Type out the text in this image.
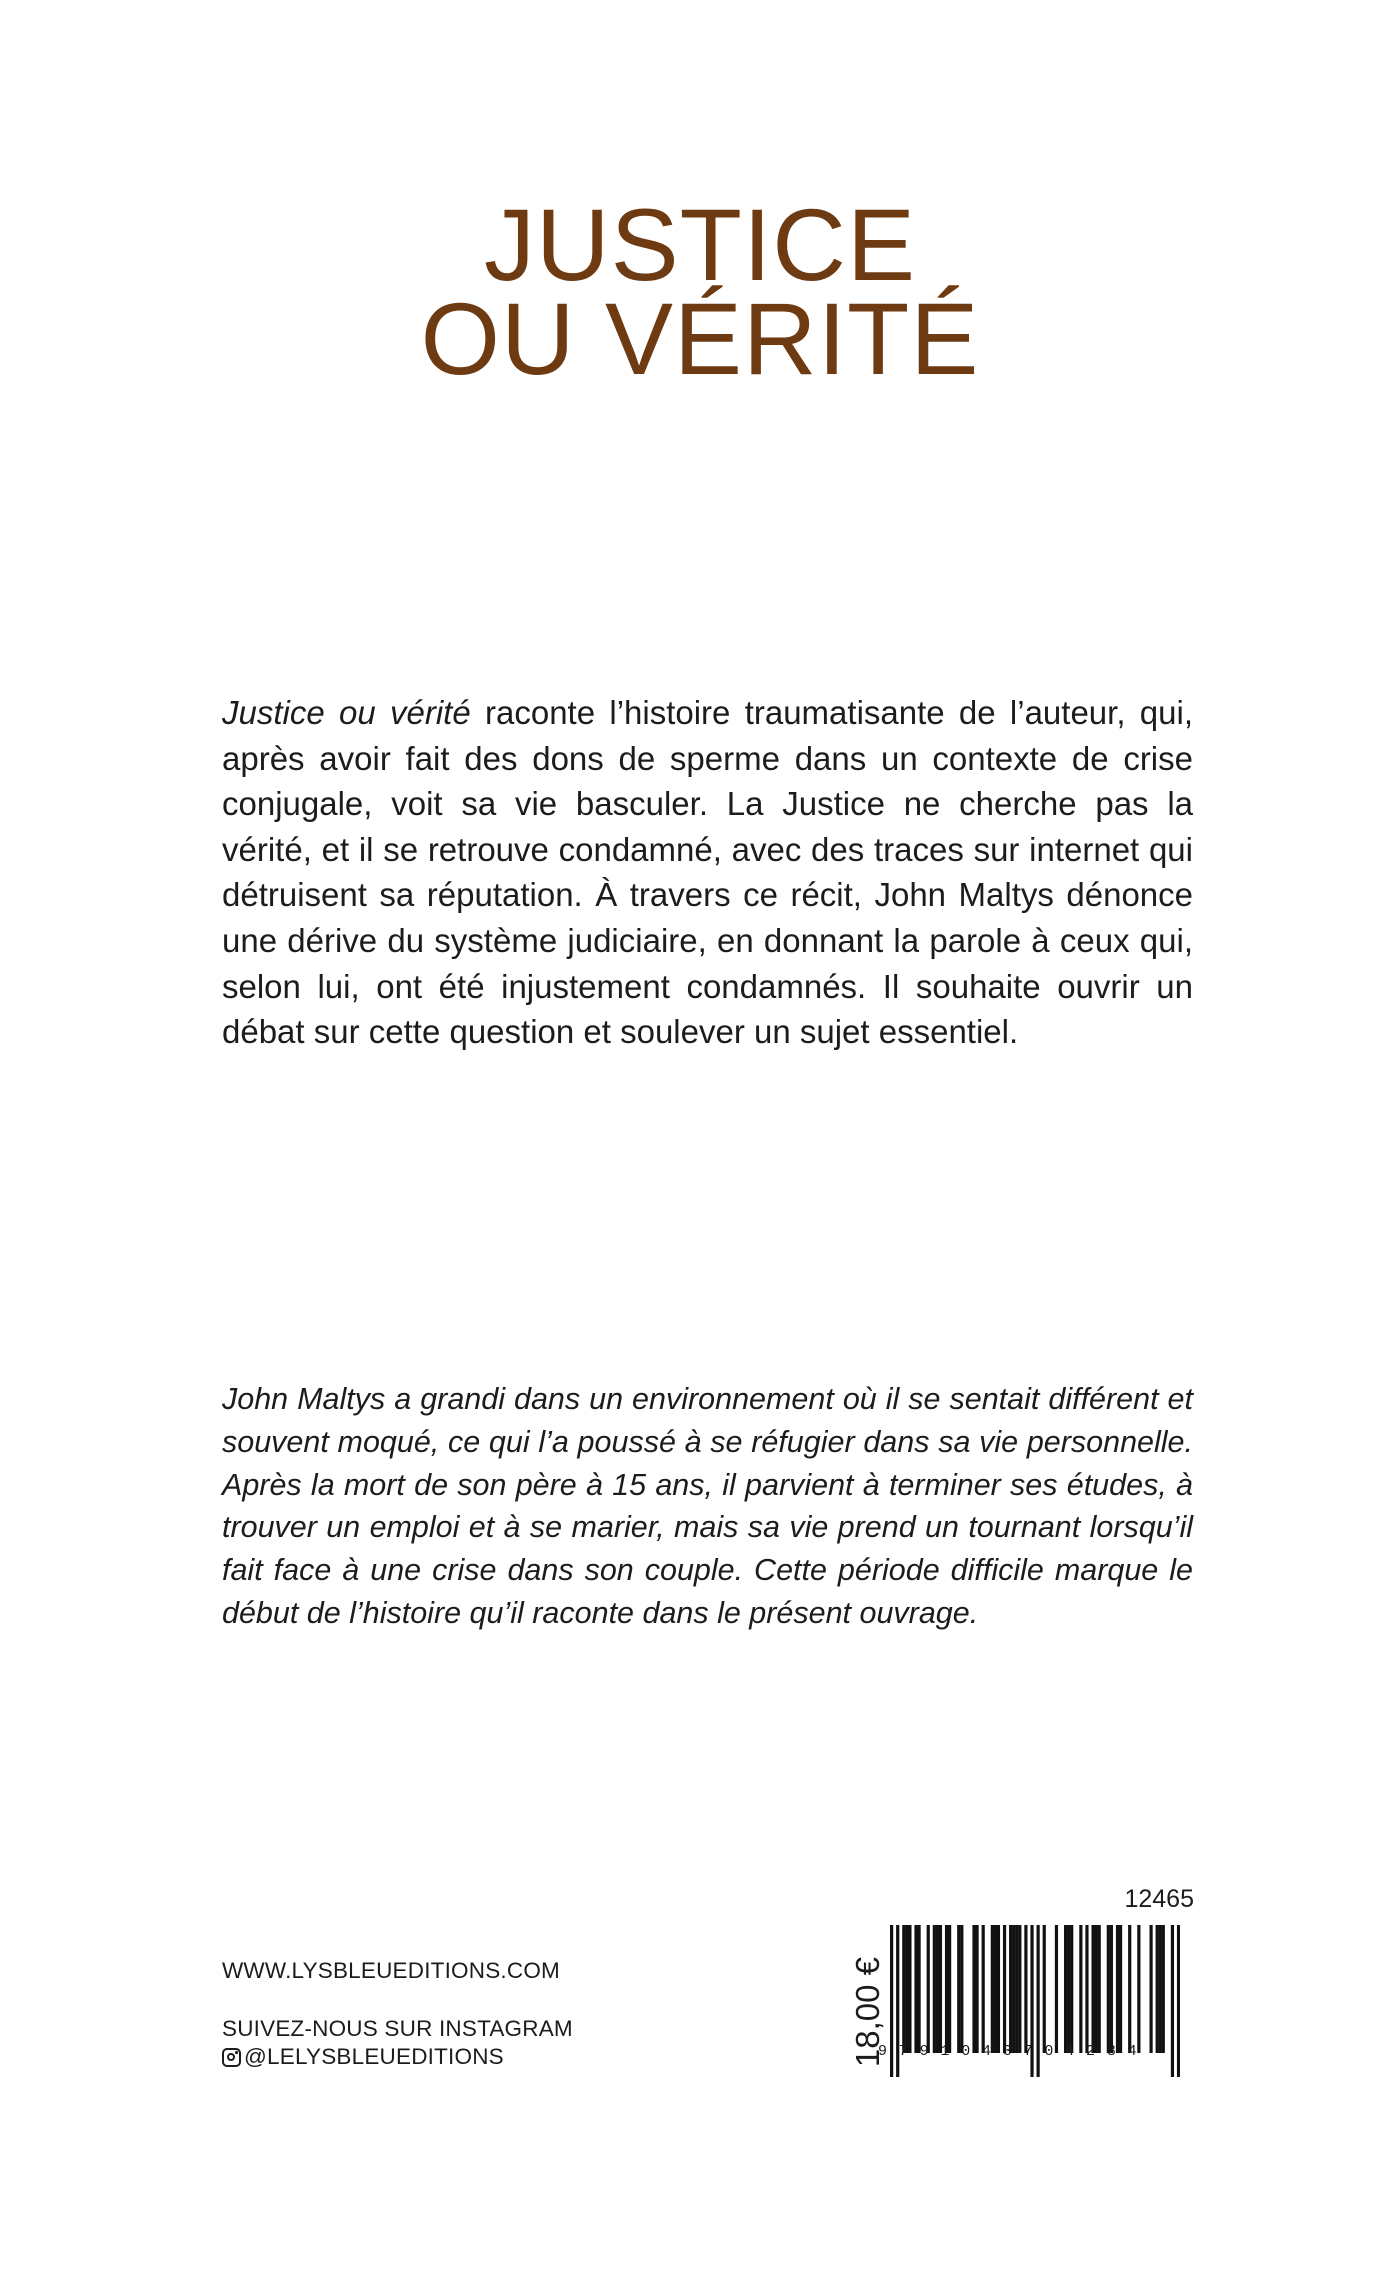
JUSTICE
OU VÉRITÉ
Justice ou vérité raconte l’histoire traumatisante de l’auteur, qui, après avoir fait des dons de sperme dans un contexte de crise conjugale, voit sa vie basculer. La Justice ne cherche pas la vérité, et il se retrouve condamné, avec des traces sur internet qui détruisent sa réputation. À travers ce récit, John Maltys dénonce une dérive du système judiciaire, en donnant la parole à ceux qui, selon lui, ont été injustement condamnés. Il souhaite ouvrir un débat sur cette question et soulever un sujet essentiel.
John Maltys a grandi dans un environnement où il se sentait différent et souvent moqué, ce qui l’a poussé à se réfugier dans sa vie personnelle. Après la mort de son père à 15 ans, il parvient à terminer ses études, à trouver un emploi et à se marier, mais sa vie prend un tournant lorsqu’il fait face à une crise dans son couple. Cette période difficile marque le début de l’histoire qu’il raconte dans le présent ouvrage.
WWW.LYSBLEUEDITIONS.COM
SUIVEZ-NOUS SUR INSTAGRAM
@LELYSBLEUEDITIONS
12465
18,00 €
9791043704284
